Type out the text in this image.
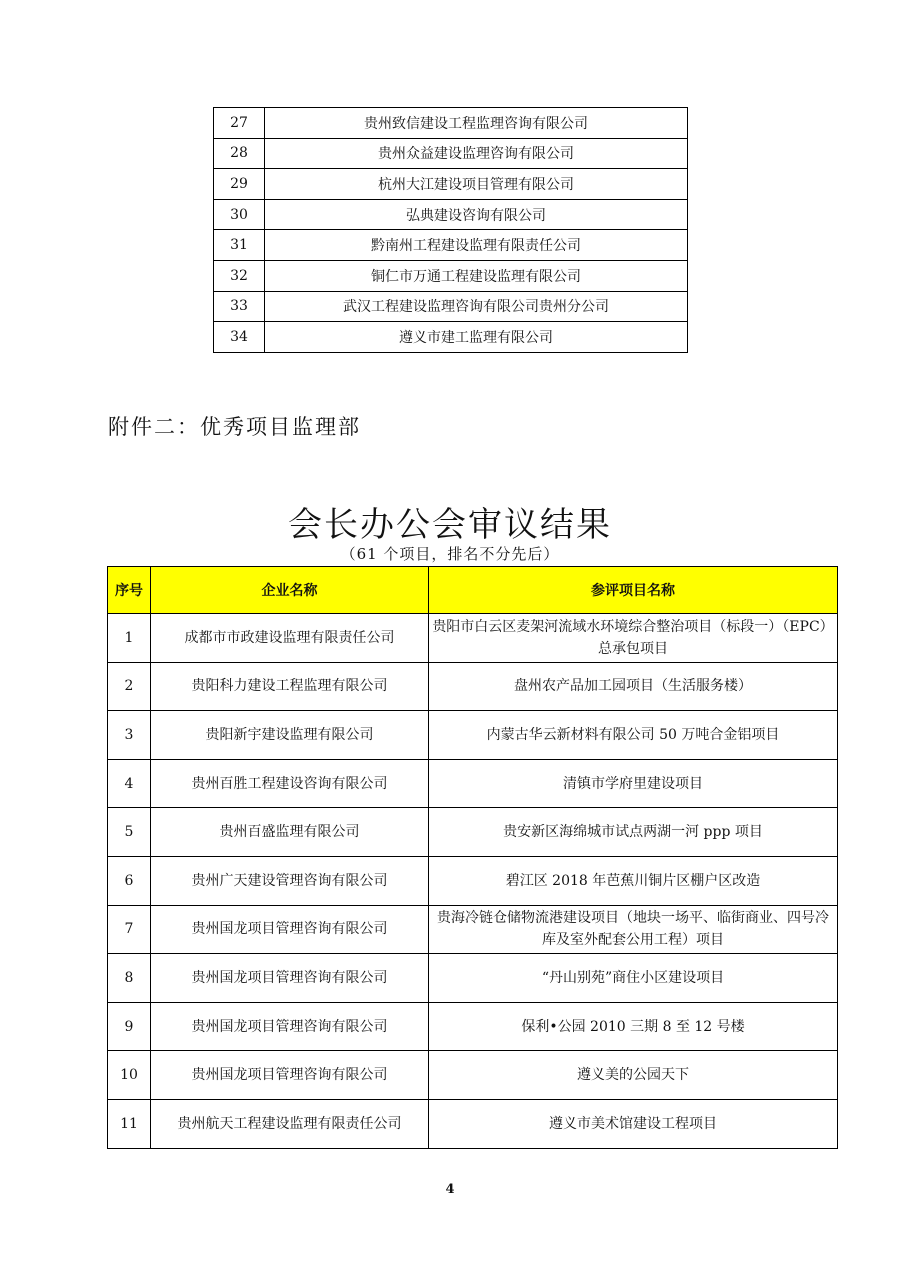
27	贵州致信建设工程监理咨询有限公司
28	贵州众益建设监理咨询有限公司
29	杭州大江建设项目管理有限公司
30	弘典建设咨询有限公司
31	黔南州工程建设监理有限责任公司
32	铜仁市万通工程建设监理有限公司
33	武汉工程建设监理咨询有限公司贵州分公司
34	遵义市建工监理有限公司
附件二：优秀项目监理部
会长办公会审议结果
（61 个项目，排名不分先后）
序号	企业名称	参评项目名称
1	成都市市政建设监理有限责任公司	贵阳市白云区麦架河流域水环境综合整治项目（标段一）（EPC）总承包项目
2	贵阳科力建设工程监理有限公司	盘州农产品加工园项目（生活服务楼）
3	贵阳新宇建设监理有限公司	内蒙古华云新材料有限公司 50 万吨合金铝项目
4	贵州百胜工程建设咨询有限公司	清镇市学府里建设项目
5	贵州百盛监理有限公司	贵安新区海绵城市试点两湖一河 ppp 项目
6	贵州广天建设管理咨询有限公司	碧江区 2018 年芭蕉川铜片区棚户区改造
7	贵州国龙项目管理咨询有限公司	贵海冷链仓储物流港建设项目（地块一场平、临街商业、四号冷库及室外配套公用工程）项目
8	贵州国龙项目管理咨询有限公司	“丹山别苑”商住小区建设项目
9	贵州国龙项目管理咨询有限公司	保利•公园 2010 三期 8 至 12 号楼
10	贵州国龙项目管理咨询有限公司	遵义美的公园天下
11	贵州航天工程建设监理有限责任公司	遵义市美术馆建设工程项目
4
